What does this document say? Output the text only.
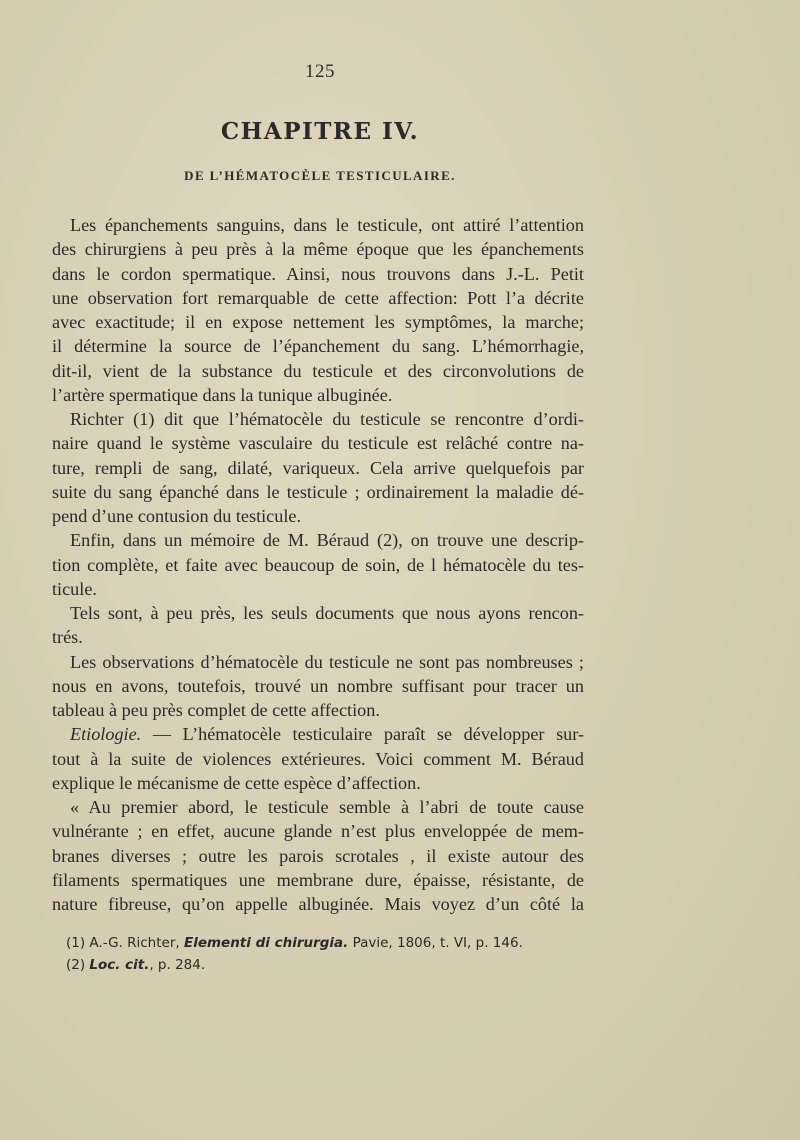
125
CHAPITRE IV.
DE L’HÉMATOCÈLE TESTICULAIRE.
Les épanchements sanguins, dans le testicule, ont attiré l’attention
des chirurgiens à peu près à la même époque que les épanchements
dans le cordon spermatique. Ainsi, nous trouvons dans J.-L. Petit
une observation fort remarquable de cette affection: Pott l’a décrite
avec exactitude; il en expose nettement les symptômes, la marche;
il détermine la source de l’épanchement du sang. L’hémorrhagie,
dit-il, vient de la substance du testicule et des circonvolutions de
l’artère spermatique dans la tunique albuginée.
Richter (1) dit que l’hématocèle du testicule se rencontre d’ordi-
naire quand le système vasculaire du testicule est relâché contre na-
ture, rempli de sang, dilaté, variqueux. Cela arrive quelquefois par
suite du sang épanché dans le testicule ; ordinairement la maladie dé-
pend d’une contusion du testicule.
Enfin, dans un mémoire de M. Béraud (2), on trouve une descrip-
tion complète, et faite avec beaucoup de soin, de l hématocèle du tes-
ticule.
Tels sont, à peu près, les seuls documents que nous ayons rencon-
trés.
Les observations d’hématocèle du testicule ne sont pas nombreuses ;
nous en avons, toutefois, trouvé un nombre suffisant pour tracer un
tableau à peu près complet de cette affection.
Etiologie. — L’hématocèle testiculaire paraît se développer sur-
tout à la suite de violences extérieures. Voici comment M. Béraud
explique le mécanisme de cette espèce d’affection.
« Au premier abord, le testicule semble à l’abri de toute cause
vulnérante ; en effet, aucune glande n’est plus enveloppée de mem-
branes diverses ; outre les parois scrotales , il existe autour des
filaments spermatiques une membrane dure, épaisse, résistante, de
nature fibreuse, qu’on appelle albuginée. Mais voyez d’un côté la
(1) A.-G. Richter, Elementi di chirurgia. Pavie, 1806, t. VI, p. 146.
(2) Loc. cit., p. 284.
